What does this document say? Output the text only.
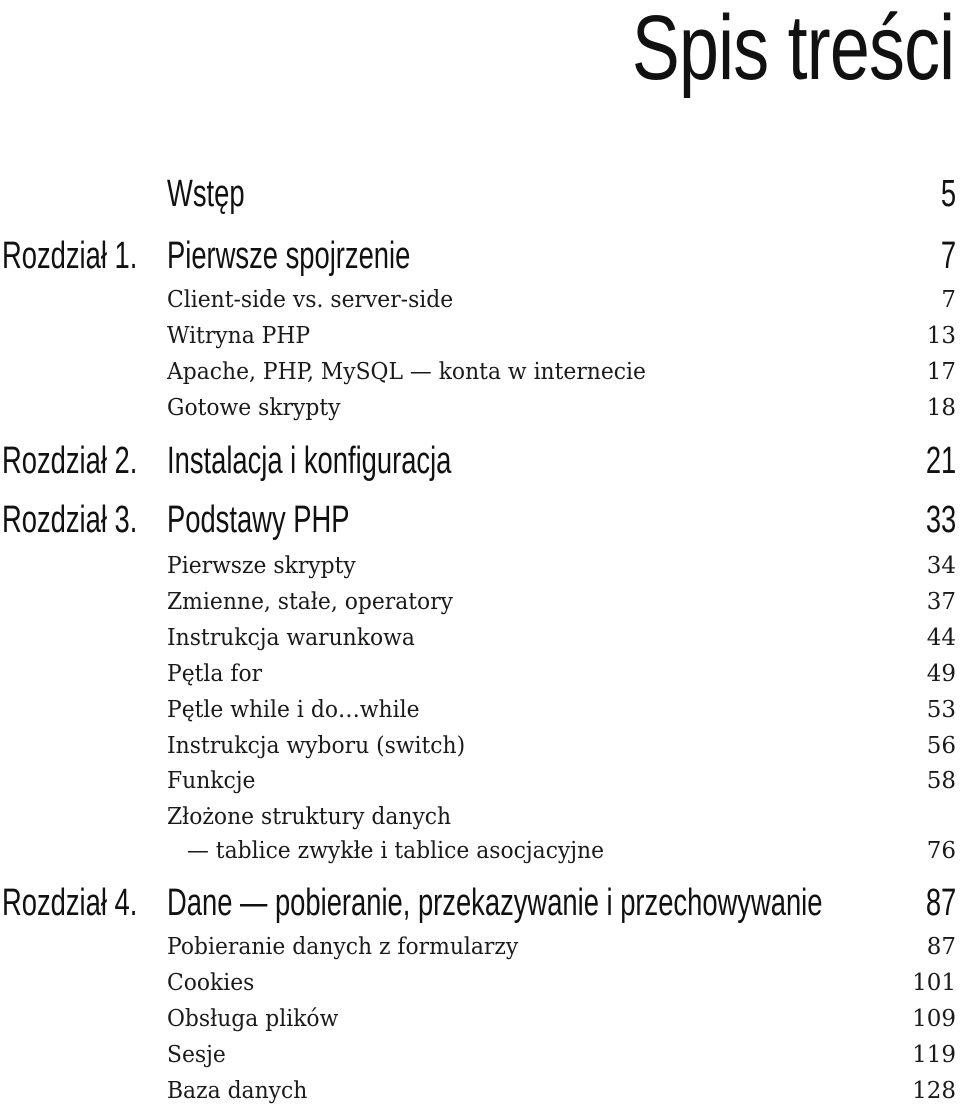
Spis treści
Wstęp	5
Rozdział 1. Pierwsze spojrzenie	7
Client-side vs. server-side	7
Witryna PHP	13
Apache, PHP, MySQL — konta w internecie	17
Gotowe skrypty	18
Rozdział 2. Instalacja i konfiguracja	21
Rozdział 3. Podstawy PHP	33
Pierwsze skrypty	34
Zmienne, stałe, operatory	37
Instrukcja warunkowa	44
Pętla for	49
Pętle while i do…while	53
Instrukcja wyboru (switch)	56
Funkcje	58
Złożone struktury danych
— tablice zwykłe i tablice asocjacyjne	76
Rozdział 4. Dane — pobieranie, przekazywanie i przechowywanie	87
Pobieranie danych z formularzy	87
Cookies	101
Obsługa plików	109
Sesje	119
Baza danych	128
